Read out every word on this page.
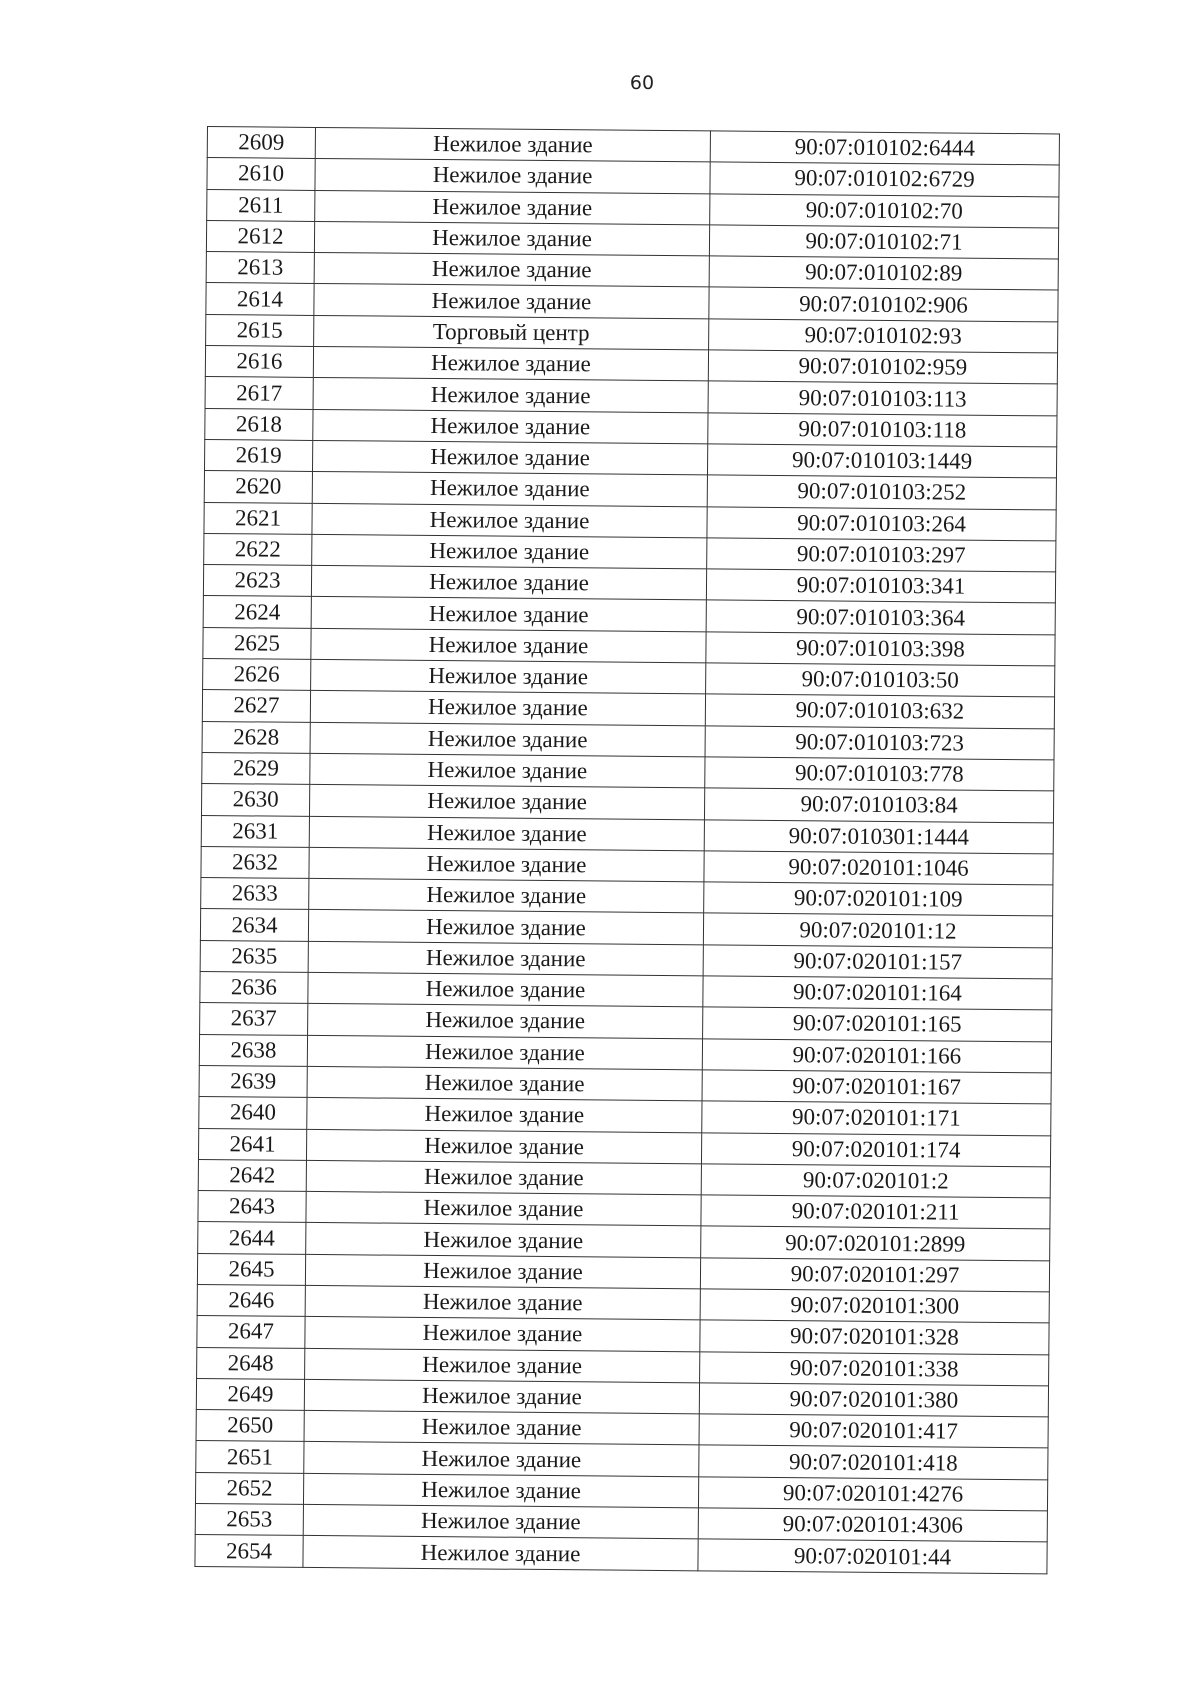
60
2609	Нежилое здание	90:07:010102:6444
2610	Нежилое здание	90:07:010102:6729
2611	Нежилое здание	90:07:010102:70
2612	Нежилое здание	90:07:010102:71
2613	Нежилое здание	90:07:010102:89
2614	Нежилое здание	90:07:010102:906
2615	Торговый центр	90:07:010102:93
2616	Нежилое здание	90:07:010102:959
2617	Нежилое здание	90:07:010103:113
2618	Нежилое здание	90:07:010103:118
2619	Нежилое здание	90:07:010103:1449
2620	Нежилое здание	90:07:010103:252
2621	Нежилое здание	90:07:010103:264
2622	Нежилое здание	90:07:010103:297
2623	Нежилое здание	90:07:010103:341
2624	Нежилое здание	90:07:010103:364
2625	Нежилое здание	90:07:010103:398
2626	Нежилое здание	90:07:010103:50
2627	Нежилое здание	90:07:010103:632
2628	Нежилое здание	90:07:010103:723
2629	Нежилое здание	90:07:010103:778
2630	Нежилое здание	90:07:010103:84
2631	Нежилое здание	90:07:010301:1444
2632	Нежилое здание	90:07:020101:1046
2633	Нежилое здание	90:07:020101:109
2634	Нежилое здание	90:07:020101:12
2635	Нежилое здание	90:07:020101:157
2636	Нежилое здание	90:07:020101:164
2637	Нежилое здание	90:07:020101:165
2638	Нежилое здание	90:07:020101:166
2639	Нежилое здание	90:07:020101:167
2640	Нежилое здание	90:07:020101:171
2641	Нежилое здание	90:07:020101:174
2642	Нежилое здание	90:07:020101:2
2643	Нежилое здание	90:07:020101:211
2644	Нежилое здание	90:07:020101:2899
2645	Нежилое здание	90:07:020101:297
2646	Нежилое здание	90:07:020101:300
2647	Нежилое здание	90:07:020101:328
2648	Нежилое здание	90:07:020101:338
2649	Нежилое здание	90:07:020101:380
2650	Нежилое здание	90:07:020101:417
2651	Нежилое здание	90:07:020101:418
2652	Нежилое здание	90:07:020101:4276
2653	Нежилое здание	90:07:020101:4306
2654	Нежилое здание	90:07:020101:44
